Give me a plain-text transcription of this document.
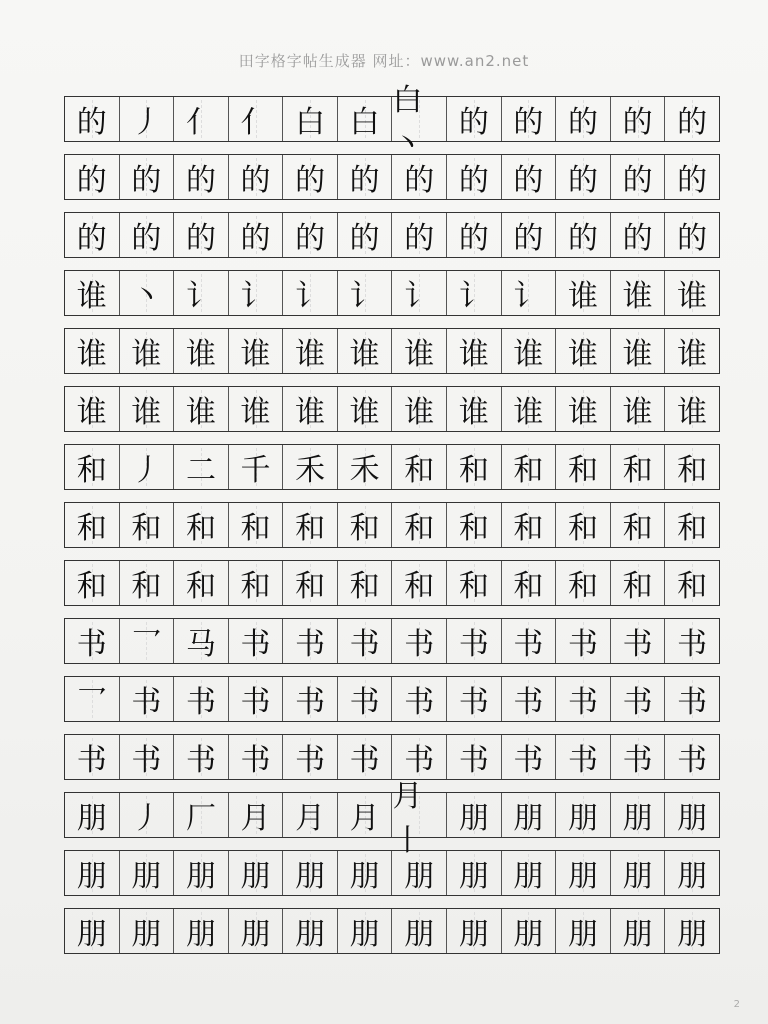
田字格字帖生成器 网址：www.an2.net
的 丿 亻 亻 白 白
白丶
的 的 的 的 的
的 的 的 的 的 的 的 的 的 的 的 的
的 的 的 的 的 的 的 的 的 的 的 的
谁 丶 讠 讠 讠 讠 讠 讠 讠 谁 谁 谁
谁 谁 谁 谁 谁 谁 谁 谁 谁 谁 谁 谁
谁 谁 谁 谁 谁 谁 谁 谁 谁 谁 谁 谁
和 丿 二 千 禾 禾 和 和 和 和 和 和
和 和 和 和 和 和 和 和 和 和 和 和
和 和 和 和 和 和 和 和 和 和 和 和
书 乛 马 书 书 书 书 书 书 书 书 书
乛 书 书 书 书 书 书 书 书 书 书 书
书 书 书 书 书 书 书 书 书 书 书 书
朋 丿 厂 月 月 月
月丨
朋 朋 朋 朋 朋
朋 朋 朋 朋 朋 朋 朋 朋 朋 朋 朋 朋
朋 朋 朋 朋 朋 朋 朋 朋 朋 朋 朋 朋
2
